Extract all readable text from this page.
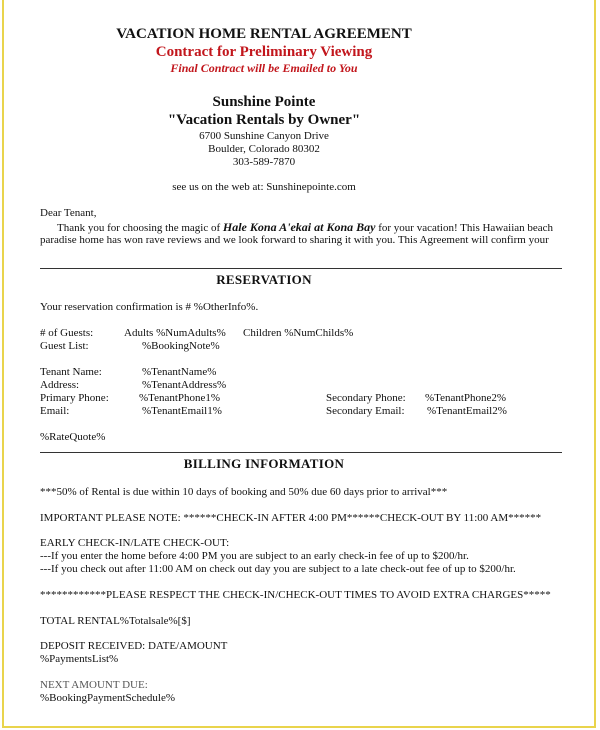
VACATION HOME RENTAL AGREEMENT
Contract for Preliminary Viewing
Final Contract will be Emailed to You
Sunshine Pointe
"Vacation Rentals by Owner"
6700 Sunshine Canyon Drive
Boulder, Colorado 80302
303-589-7870
see us on the web at: Sunshinepointe.com
Dear Tenant,
Thank you for choosing the magic of Hale Kona A'ekai at Kona Bay for your vacation! This Hawaiian beach
paradise home has won rave reviews and we look forward to sharing it with you. This Agreement will confirm your
RESERVATION
Your reservation confirmation is # %OtherInfo%.
# of Guests:	Adults %NumAdults% Children %NumChilds%
Guest List:	%BookingNote%
Tenant Name:	%TenantName%
Address:	%TenantAddress%
Primary Phone:	%TenantPhone1%	Secondary Phone: %TenantPhone2%
Email:	%TenantEmail1%	Secondary Email: %TenantEmail2%
%RateQuote%
BILLING INFORMATION
***50% of Rental is due within 10 days of booking and 50% due 60 days prior to arrival***
IMPORTANT PLEASE NOTE: ******CHECK-IN AFTER 4:00 PM******CHECK-OUT BY 11:00 AM******
EARLY CHECK-IN/LATE CHECK-OUT:
---If you enter the home before 4:00 PM you are subject to an early check-in fee of up to $200/hr.
---If you check out after 11:00 AM on check out day you are subject to a late check-out fee of up to $200/hr.
************PLEASE RESPECT THE CHECK-IN/CHECK-OUT TIMES TO AVOID EXTRA CHARGES*****
TOTAL RENTAL%Totalsale%[$]
DEPOSIT RECEIVED: DATE/AMOUNT
%PaymentsList%
NEXT AMOUNT DUE:
%BookingPaymentSchedule%
